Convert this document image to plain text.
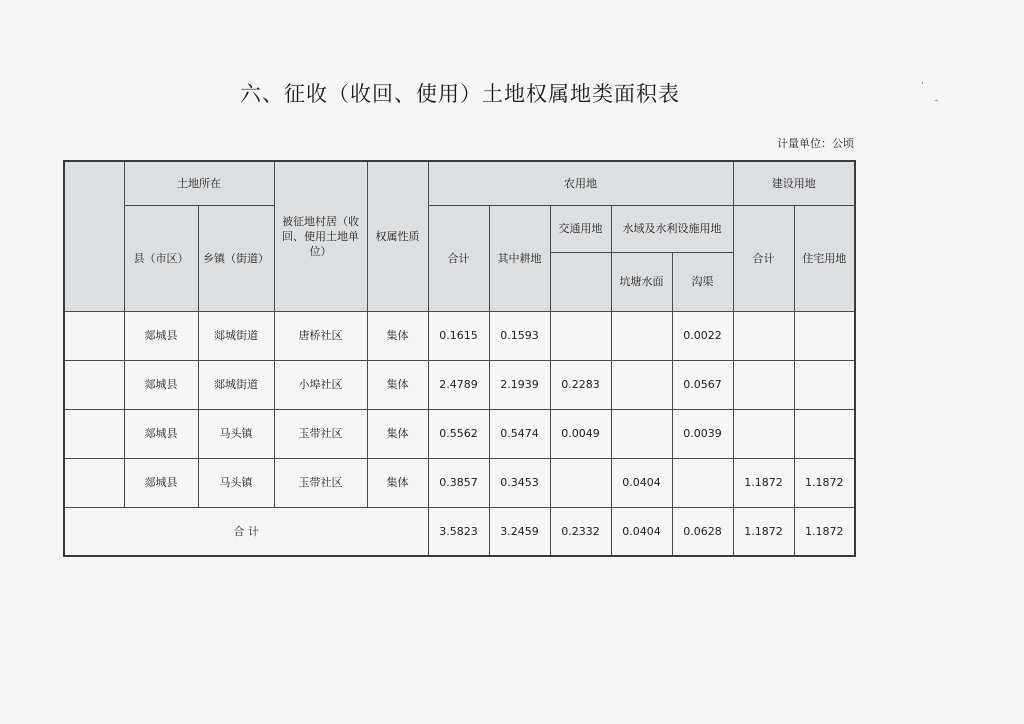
六、征收（收回、使用）土地权属地类面积表
计量单位：公顷
	土地所在		被征地村居（收回、使用土地单位）	权属性质	农用地					建设用地	
	县（市区）	乡镇（街道）			合计	其中耕地	交通用地	水域及水利设施用地		合计	住宅用地
								坑塘水面	沟渠		
	郯城县	郯城街道	唐桥社区	集体	0.1615	0.1593			0.0022		
	郯城县	郯城街道	小埠社区	集体	2.4789	2.1939	0.2283		0.0567		
	郯城县	马头镇	玉带社区	集体	0.5562	0.5474	0.0049		0.0039		
	郯城县	马头镇	玉带社区	集体	0.3857	0.3453		0.0404		1.1872	1.1872
合 计					3.5823	3.2459	0.2332	0.0404	0.0628	1.1872	1.1872
